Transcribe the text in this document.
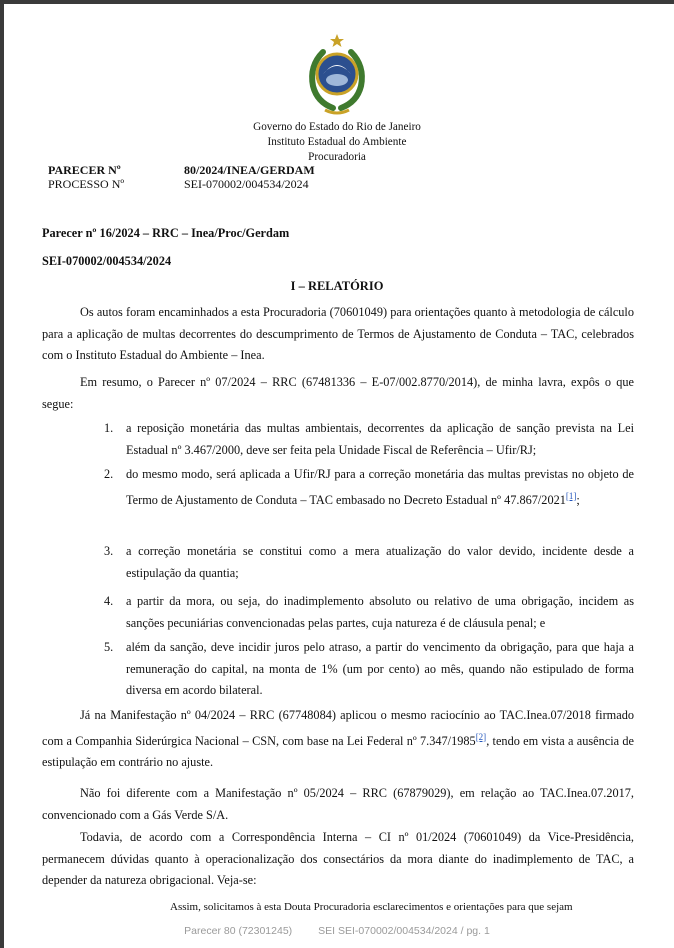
Governo do Estado do Rio de Janeiro
Instituto Estadual do Ambiente
Procuradoria
PARECER Nº	80/2024/INEA/GERDAM
PROCESSO Nº	SEI-070002/004534/2024
Parecer nº 16/2024 – RRC – Inea/Proc/Gerdam
SEI-070002/004534/2024
I – RELATÓRIO

Os autos foram encaminhados a esta Procuradoria (70601049) para orientações quanto à metodologia de cálculo para a aplicação de multas decorrentes do descumprimento de Termos de Ajustamento de Conduta – TAC, celebrados com o Instituto Estadual do Ambiente – Inea.

Em resumo, o Parecer nº 07/2024 – RRC (67481336 – E-07/002.8770/2014), de minha lavra, expôs o que segue:

1. a reposição monetária das multas ambientais, decorrentes da aplicação de sanção prevista na Lei Estadual nº 3.467/2000, deve ser feita pela Unidade Fiscal de Referência – Ufir/RJ;
2. do mesmo modo, será aplicada a Ufir/RJ para a correção monetária das multas previstas no objeto de Termo de Ajustamento de Conduta – TAC embasado no Decreto Estadual nº 47.867/2021[1];
3. a correção monetária se constitui como a mera atualização do valor devido, incidente desde a estipulação da quantia;
4. a partir da mora, ou seja, do inadimplemento absoluto ou relativo de uma obrigação, incidem as sanções pecuniárias convencionadas pelas partes, cuja natureza é de cláusula penal; e
5. além da sanção, deve incidir juros pelo atraso, a partir do vencimento da obrigação, para que haja a remuneração do capital, na monta de 1% (um por cento) ao mês, quando não estipulado de forma diversa em acordo bilateral.

Já na Manifestação nº 04/2024 – RRC (67748084) aplicou o mesmo raciocínio ao TAC.Inea.07/2018 firmado com a Companhia Siderúrgica Nacional – CSN, com base na Lei Federal nº 7.347/1985[2], tendo em vista a ausência de estipulação em contrário no ajuste.

Não foi diferente com a Manifestação nº 05/2024 – RRC (67879029), em relação ao TAC.Inea.07.2017, convencionado com a Gás Verde S/A.

Todavia, de acordo com a Correspondência Interna – CI nº 01/2024 (70601049) da Vice-Presidência, permanecem dúvidas quanto à operacionalização dos consectários da mora diante do inadimplemento de TAC, a depender da natureza obrigacional. Veja-se:

Assim, solicitamos à esta Douta Procuradoria esclarecimentos e orientações para que sejam
Parecer 80 (72301245) SEI SEI-070002/004534/2024 / pg. 1
